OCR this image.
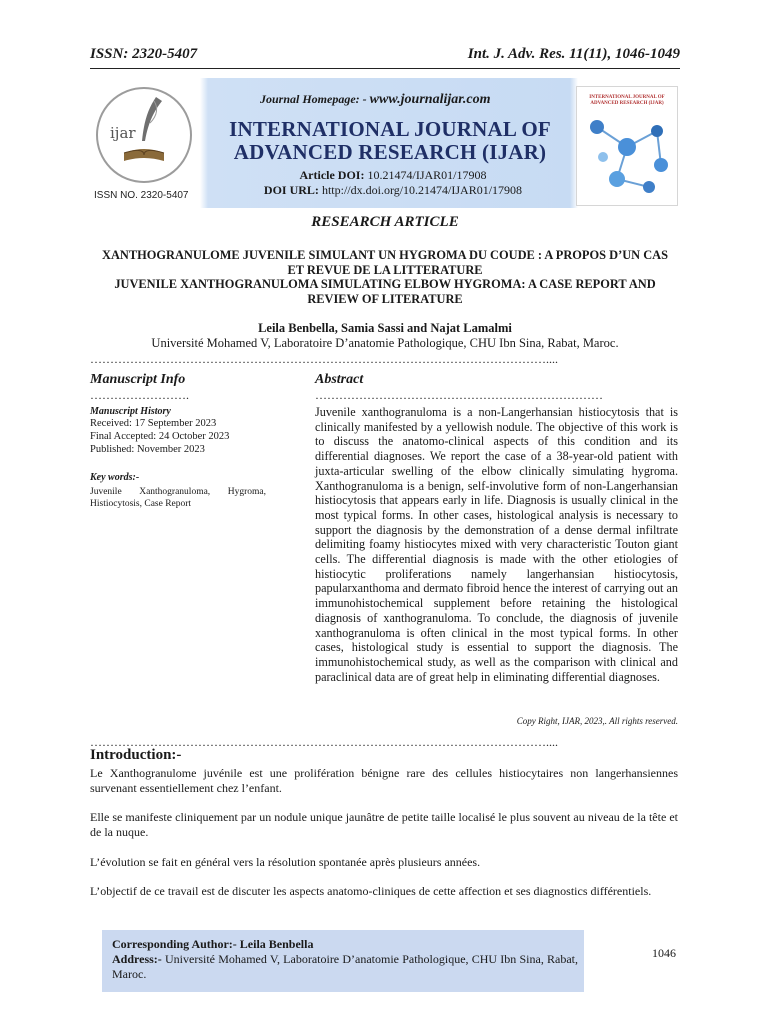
ISSN: 2320-5407	Int. J. Adv. Res. 11(11), 1046-1049
ijar
ISSN NO. 2320-5407
Journal Homepage: - www.journalijar.com
INTERNATIONAL JOURNAL OF
ADVANCED RESEARCH (IJAR)
Article DOI: 10.21474/IJAR01/17908
DOI URL: http://dx.doi.org/10.21474/IJAR01/17908
INTERNATIONAL JOURNAL OF ADVANCED RESEARCH (IJAR)
RESEARCH ARTICLE
XANTHOGRANULOME JUVENILE SIMULANT UN HYGROMA DU COUDE : A PROPOS D’UN CAS
ET REVUE DE LA LITTERATURE
JUVENILE XANTHOGRANULOMA SIMULATING ELBOW HYGROMA: A CASE REPORT AND
REVIEW OF LITERATURE
Leila Benbella, Samia Sassi and Najat Lamalmi
Université Mohamed V, Laboratoire D’anatomie Pathologique, CHU Ibn Sina, Rabat, Maroc.
……………………………………………………………………………………………………....
Manuscript Info	Abstract
…………………….	………………………………………………………………
Manuscript History
Received: 17 September 2023
Final Accepted: 24 October 2023
Published: November 2023
Key words:-
Juvenile Xanthogranuloma, Hygroma, Histiocytosis, Case Report
Juvenile xanthogranuloma is a non-Langerhansian histiocytosis that is clinically manifested by a yellowish nodule. The objective of this work is to discuss the anatomo-clinical aspects of this condition and its differential diagnoses. We report the case of a 38-year-old patient with juxta-articular swelling of the elbow clinically simulating hygroma. Xanthogranuloma is a benign, self-involutive form of non-Langerhansian histiocytosis that appears early in life. Diagnosis is usually clinical in the most typical forms. In other cases, histological analysis is necessary to support the diagnosis by the demonstration of a dense dermal infiltrate delimiting foamy histiocytes mixed with very characteristic Touton giant cells. The differential diagnosis is made with the other etiologies of histiocytic proliferations namely langerhansian histiocytosis, papularxanthoma and dermato fibroid hence the interest of carrying out an immunohistochemical supplement before retaining the histological diagnosis of xanthogranuloma. To conclude, the diagnosis of juvenile xanthogranuloma is often clinical in the most typical forms. In other cases, histological study is essential to support the diagnosis. The immunohistochemical study, as well as the comparison with clinical and paraclinical data are of great help in eliminating differential diagnoses.
Copy Right, IJAR, 2023,. All rights reserved.
……………………………………………………………………………………………………....
Introduction:-
Le Xanthogranulome juvénile est une prolifération bénigne rare des cellules histiocytaires non langerhansiennes survenant essentiellement chez l’enfant.
Elle se manifeste cliniquement par un nodule unique jaunâtre de petite taille localisé le plus souvent au niveau de la tête et de la nuque.
L’évolution se fait en général vers la résolution spontanée après plusieurs années.
L’objectif de ce travail est de discuter les aspects anatomo-cliniques de cette affection et ses diagnostics différentiels.
Corresponding Author:- Leila Benbella
Address:- Université Mohamed V, Laboratoire D’anatomie Pathologique, CHU Ibn Sina, Rabat, Maroc.
1046
